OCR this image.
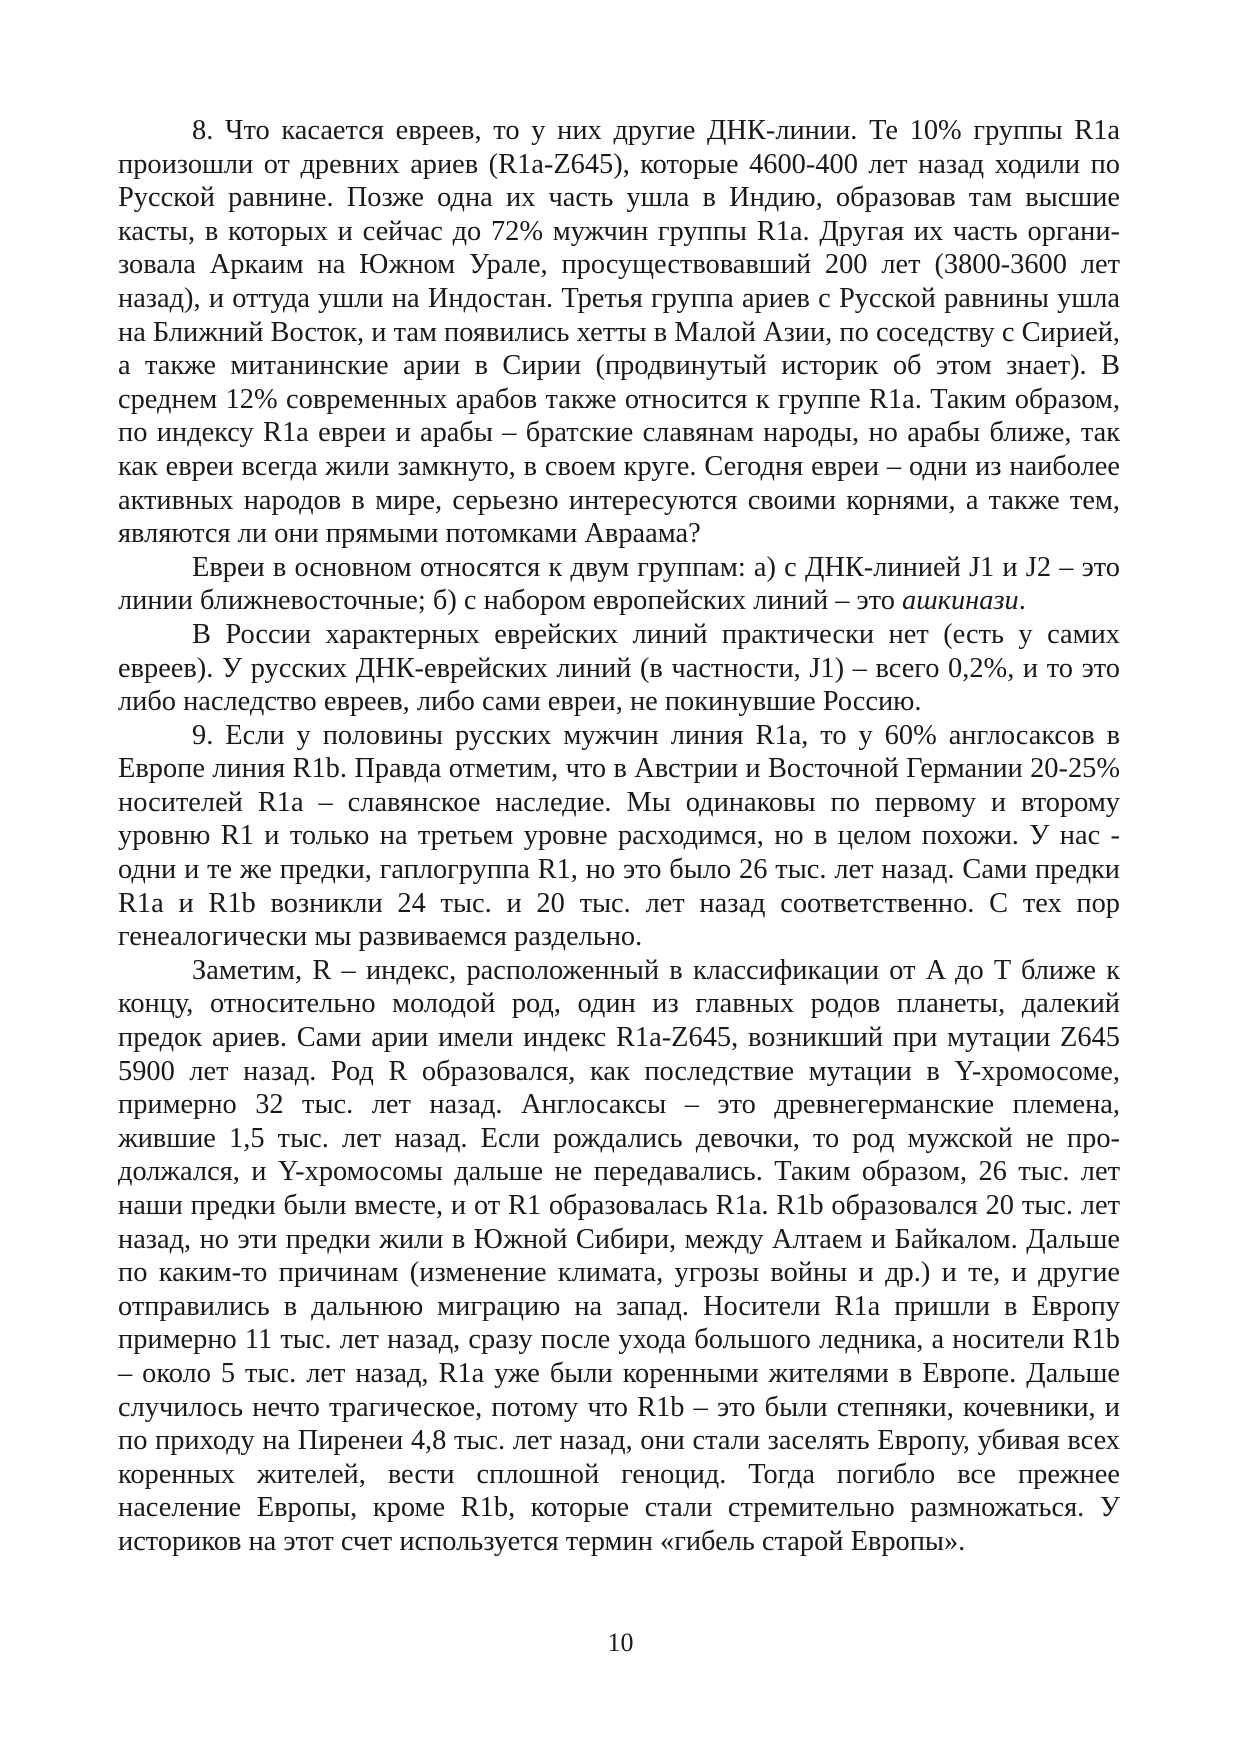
8. Что касается евреев, то у них другие ДНК-линии. Те 10% группы R1a произошли от древних ариев (R1a-Z645), которые 4600-400 лет назад ходили по Русской равнине. Позже одна их часть ушла в Индию, образовав там высшие касты, в которых и сейчас до 72% мужчин группы R1a. Другая их часть организовала Аркаим на Южном Урале, просуществовавший 200 лет (3800-3600 лет назад), и оттуда ушли на Индостан. Третья группа ариев с Русской равнины ушла на Ближний Восток, и там появились хетты в Малой Азии, по соседству с Сирией, а также митанинские арии в Сирии (продвинутый историк об этом знает). В среднем 12% современных арабов также относится к группе R1a. Таким образом, по индексу R1a евреи и арабы – братские славянам народы, но арабы ближе, так как евреи всегда жили замкнуто, в своем круге. Сегодня евреи – одни из наиболее активных народов в мире, серьезно интересуются своими корнями, а также тем, являются ли они прямыми потомками Авраама?

Евреи в основном относятся к двум группам: а) с ДНК-линией J1 и J2 – это линии ближневосточные; б) с набором европейских линий – это ашкинази.

В России характерных еврейских линий практически нет (есть у самих евреев). У русских ДНК-еврейских линий (в частности, J1) – всего 0,2%, и то это либо наследство евреев, либо сами евреи, не покинувшие Россию.

9. Если у половины русских мужчин линия R1a, то у 60% англосаксов в Европе линия R1b. Правда отметим, что в Австрии и Восточной Германии 20-25% носителей R1a – славянское наследие. Мы одинаковы по первому и второму уровню R1 и только на третьем уровне расходимся, но в целом похожи. У нас - одни и те же предки, гаплогруппа R1, но это было 26 тыс. лет назад. Сами предки R1a и R1b возникли 24 тыс. и 20 тыс. лет назад соответственно. С тех пор генеалогически мы развиваемся раздельно.

Заметим, R – индекс, расположенный в классификации от A до T ближе к концу, относительно молодой род, один из главных родов планеты, далекий предок ариев. Сами арии имели индекс R1a-Z645, возникший при мутации Z645 5900 лет назад. Род R образовался, как последствие мутации в Y-хромосоме, примерно 32 тыс. лет назад. Англосаксы – это древнегерманские племена, жившие 1,5 тыс. лет назад. Если рождались девочки, то род мужской не продолжался, и Y-хромосомы дальше не передавались. Таким образом, 26 тыс. лет наши предки были вместе, и от R1 образовалась R1a. R1b образовался 20 тыс. лет назад, но эти предки жили в Южной Сибири, между Алтаем и Байкалом. Дальше по каким-то причинам (изменение климата, угрозы войны и др.) и те, и другие отправились в дальнюю миграцию на запад. Носители R1a пришли в Европу примерно 11 тыс. лет назад, сразу после ухода большого ледника, а носители R1b – около 5 тыс. лет назад, R1a уже были коренными жителями в Европе. Дальше случилось нечто трагическое, потому что R1b – это были степняки, кочевники, и по приходу на Пиренеи 4,8 тыс. лет назад, они стали заселять Европу, убивая всех коренных жителей, вести сплошной геноцид. Тогда погибло все прежнее население Европы, кроме R1b, которые стали стремительно размножаться. У историков на этот счет используется термин «гибель старой Европы».

10
